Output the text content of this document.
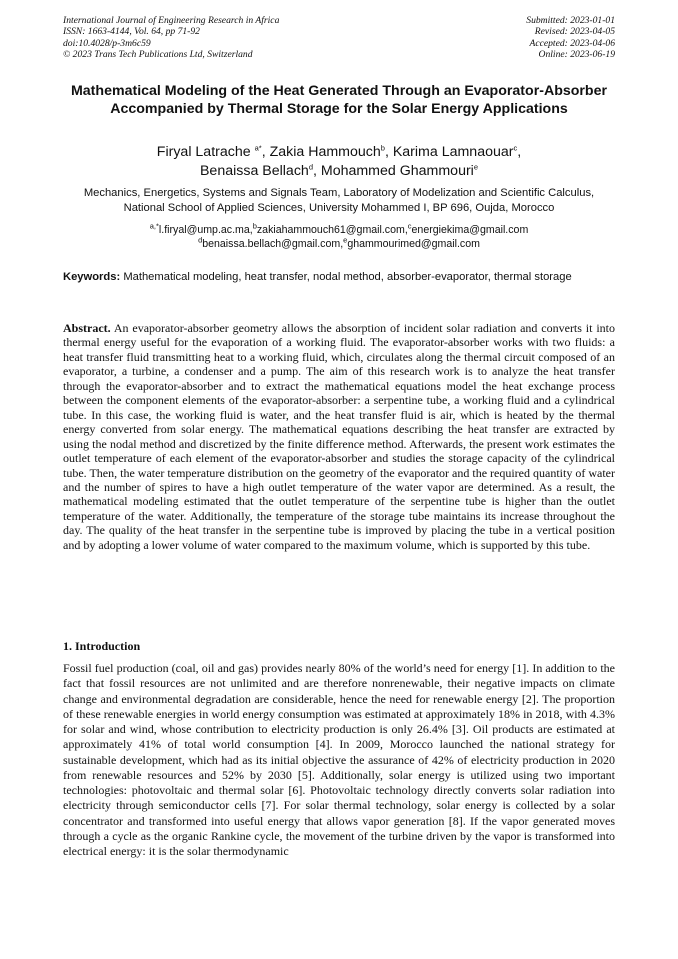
International Journal of Engineering Research in Africa
ISSN: 1663-4144, Vol. 64, pp 71-92
doi:10.4028/p-3m6c59
© 2023 Trans Tech Publications Ltd, Switzerland
Submitted: 2023-01-01
Revised: 2023-04-05
Accepted: 2023-04-06
Online: 2023-06-19
Mathematical Modeling of the Heat Generated Through an Evaporator-Absorber Accompanied by Thermal Storage for the Solar Energy Applications
Firyal Latrache $^{a*}$, Zakia Hammouch$^b$, Karima Lamnaouar$^c$,
Benaissa Bellach$^d$, Mohammed Ghammouri$^e$
Mechanics, Energetics, Systems and Signals Team, Laboratory of Modelization and Scientific Calculus, National School of Applied Sciences, University Mohammed I, BP 696, Oujda, Morocco
$^{a,*}$l.firyal@ump.ac.ma,$^b$zakiahammouch61@gmail.com,$^c$energiekima@gmail.com
$^d$benaissa.bellach@gmail.com,$^e$ghammourimed@gmail.com
Keywords: Mathematical modeling, heat transfer, nodal method, absorber-evaporator, thermal storage

Abstract. An evaporator-absorber geometry allows the absorption of incident solar radiation and converts it into thermal energy useful for the evaporation of a working fluid. The evaporator-absorber works with two fluids: a heat transfer fluid transmitting heat to a working fluid, which, circulates along the thermal circuit composed of an evaporator, a turbine, a condenser and a pump. The aim of this research work is to analyze the heat transfer through the evaporator-absorber and to extract the mathematical equations model the heat exchange process between the component elements of the evaporator-absorber: a serpentine tube, a working fluid and a cylindrical tube. In this case, the working fluid is water, and the heat transfer fluid is air, which is heated by the thermal energy converted from solar energy. The mathematical equations describing the heat transfer are extracted by using the nodal method and discretized by the finite difference method. Afterwards, the present work estimates the outlet temperature of each element of the evaporator-absorber and studies the storage capacity of the cylindrical tube. Then, the water temperature distribution on the geometry of the evaporator and the required quantity of water and the number of spires to have a high outlet temperature of the water vapor are determined. As a result, the mathematical modeling estimated that the outlet temperature of the serpentine tube is higher than the outlet temperature of the water. Additionally, the temperature of the storage tube maintains its increase throughout the day. The quality of the heat transfer in the serpentine tube is improved by placing the tube in a vertical position and by adopting a lower volume of water compared to the maximum volume, which is supported by this tube.

1. Introduction

Fossil fuel production (coal, oil and gas) provides nearly 80% of the world’s need for energy [1]. In addition to the fact that fossil resources are not unlimited and are therefore nonrenewable, their negative impacts on climate change and environmental degradation are considerable, hence the need for renewable energy [2]. The proportion of these renewable energies in world energy consumption was estimated at approximately 18% in 2018, with 4.3% for solar and wind, whose contribution to electricity production is only 26.4% [3]. Oil products are estimated at approximately 41% of total world consumption [4]. In 2009, Morocco launched the national strategy for sustainable development, which had as its initial objective the assurance of 42% of electricity production in 2020 from renewable resources and 52% by 2030 [5]. Additionally, solar energy is utilized using two important technologies: photovoltaic and thermal solar [6]. Photovoltaic technology directly converts solar radiation into electricity through semiconductor cells [7]. For solar thermal technology, solar energy is collected by a solar concentrator and transformed into useful energy that allows vapor generation [8]. If the vapor generated moves through a cycle as the organic Rankine cycle, the movement of the turbine driven by the vapor is transformed into electrical energy: it is the solar thermodynamic
